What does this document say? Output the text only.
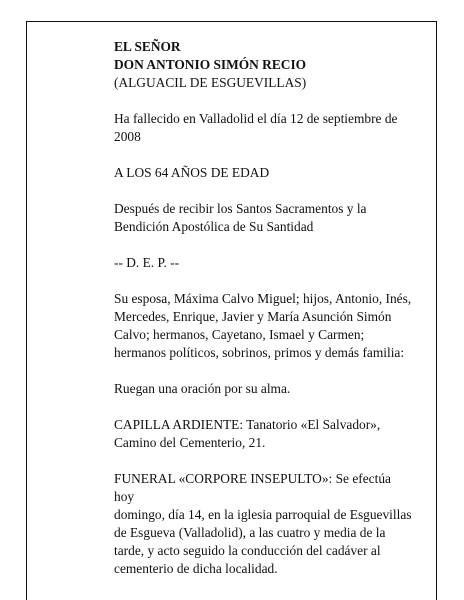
EL SEÑOR

DON ANTONIO SIMÓN RECIO

(ALGUACIL DE ESGUEVILLAS)

Ha fallecido en Valladolid el día 12 de septiembre de
2008

A LOS 64 AÑOS DE EDAD

Después de recibir los Santos Sacramentos y la
Bendición Apostólica de Su Santidad

-- D. E. P. --

Su esposa, Máxima Calvo Miguel; hijos, Antonio, Inés,
Mercedes, Enrique, Javier y María Asunción Simón
Calvo; hermanos, Cayetano, Ismael y Carmen;
hermanos políticos, sobrinos, primos y demás familia:

Ruegan una oración por su alma.

CAPILLA ARDIENTE: Tanatorio «El Salvador»,
Camino del Cementerio, 21.

FUNERAL «CORPORE INSEPULTO»: Se efectúa hoy
domingo, día 14, en la iglesia parroquial de Esguevillas
de Esgueva (Valladolid), a las cuatro y media de la
tarde, y acto seguido la conducción del cadáver al
cementerio de dicha localidad.
